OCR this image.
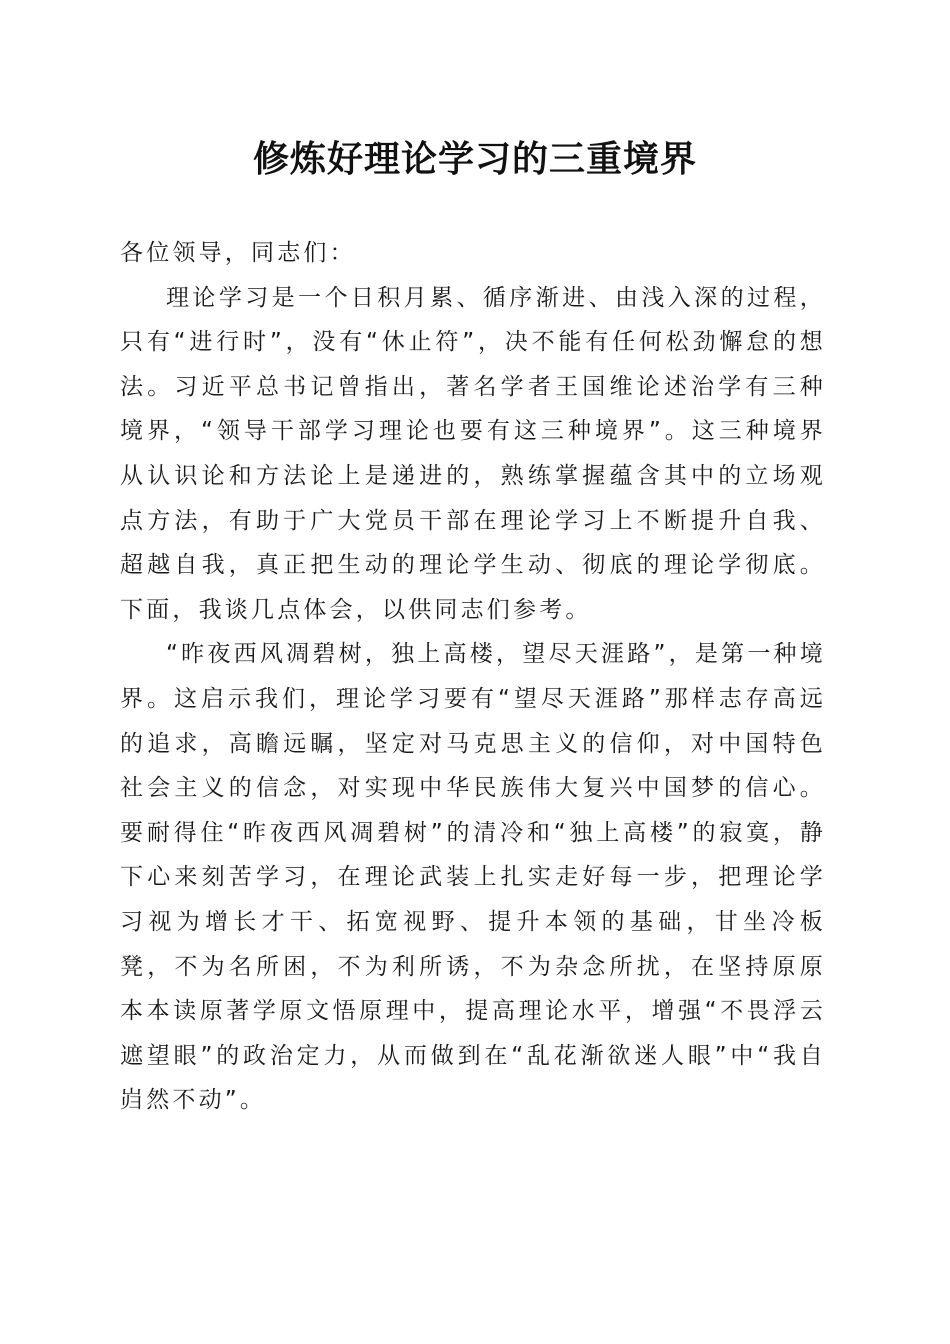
修炼好理论学习的三重境界

各位领导，同志们：

理论学习是一个日积月累、循序渐进、由浅入深的过程，只有“进行时”，没有“休止符”，决不能有任何松劲懈怠的想法。习近平总书记曾指出，著名学者王国维论述治学有三种境界，“领导干部学习理论也要有这三种境界”。这三种境界从认识论和方法论上是递进的，熟练掌握蕴含其中的立场观点方法，有助于广大党员干部在理论学习上不断提升自我、超越自我，真正把生动的理论学生动、彻底的理论学彻底。下面，我谈几点体会，以供同志们参考。

“昨夜西风凋碧树，独上高楼，望尽天涯路”，是第一种境界。这启示我们，理论学习要有“望尽天涯路”那样志存高远的追求，高瞻远瞩，坚定对马克思主义的信仰，对中国特色社会主义的信念，对实现中华民族伟大复兴中国梦的信心。要耐得住“昨夜西风凋碧树”的清冷和“独上高楼”的寂寞，静下心来刻苦学习，在理论武装上扎实走好每一步，把理论学习视为增长才干、拓宽视野、提升本领的基础，甘坐冷板凳，不为名所困，不为利所诱，不为杂念所扰，在坚持原原本本读原著学原文悟原理中，提高理论水平，增强“不畏浮云遮望眼”的政治定力，从而做到在“乱花渐欲迷人眼”中“我自岿然不动”。
